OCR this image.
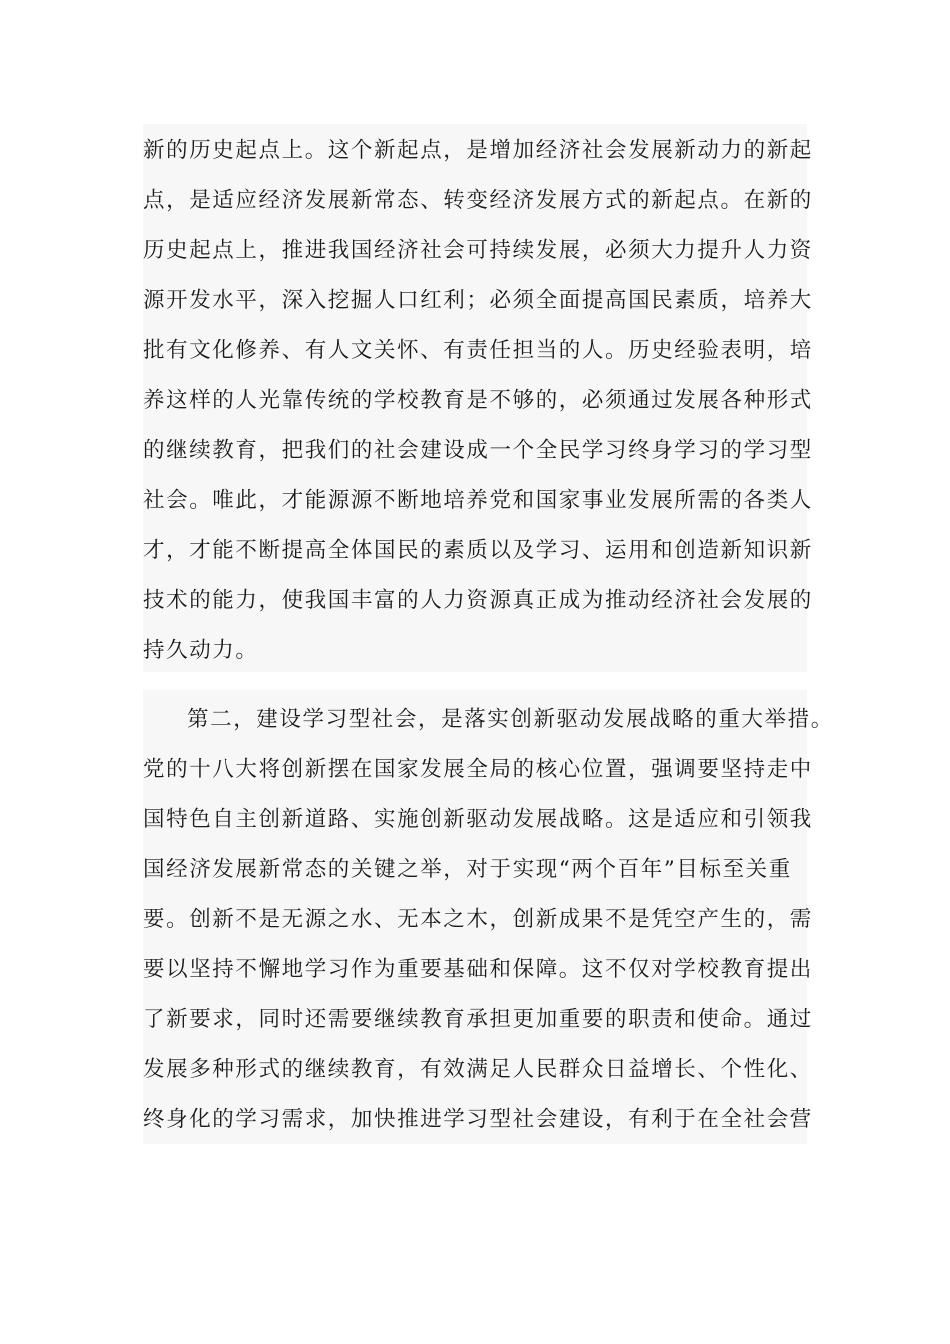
新的历史起点上。这个新起点，是增加经济社会发展新动力的新起
点，是适应经济发展新常态、转变经济发展方式的新起点。在新的
历史起点上，推进我国经济社会可持续发展，必须大力提升人力资
源开发水平，深入挖掘人口红利；必须全面提高国民素质，培养大
批有文化修养、有人文关怀、有责任担当的人。历史经验表明，培
养这样的人光靠传统的学校教育是不够的，必须通过发展各种形式
的继续教育，把我们的社会建设成一个全民学习终身学习的学习型
社会。唯此，才能源源不断地培养党和国家事业发展所需的各类人
才，才能不断提高全体国民的素质以及学习、运用和创造新知识新
技术的能力，使我国丰富的人力资源真正成为推动经济社会发展的
持久动力。

第二，建设学习型社会，是落实创新驱动发展战略的重大举措。
党的十八大将创新摆在国家发展全局的核心位置，强调要坚持走中
国特色自主创新道路、实施创新驱动发展战略。这是适应和引领我
国经济发展新常态的关键之举，对于实现“两个百年”目标至关重
要。创新不是无源之水、无本之木，创新成果不是凭空产生的，需
要以坚持不懈地学习作为重要基础和保障。这不仅对学校教育提出
了新要求，同时还需要继续教育承担更加重要的职责和使命。通过
发展多种形式的继续教育，有效满足人民群众日益增长、个性化、
终身化的学习需求，加快推进学习型社会建设，有利于在全社会营
